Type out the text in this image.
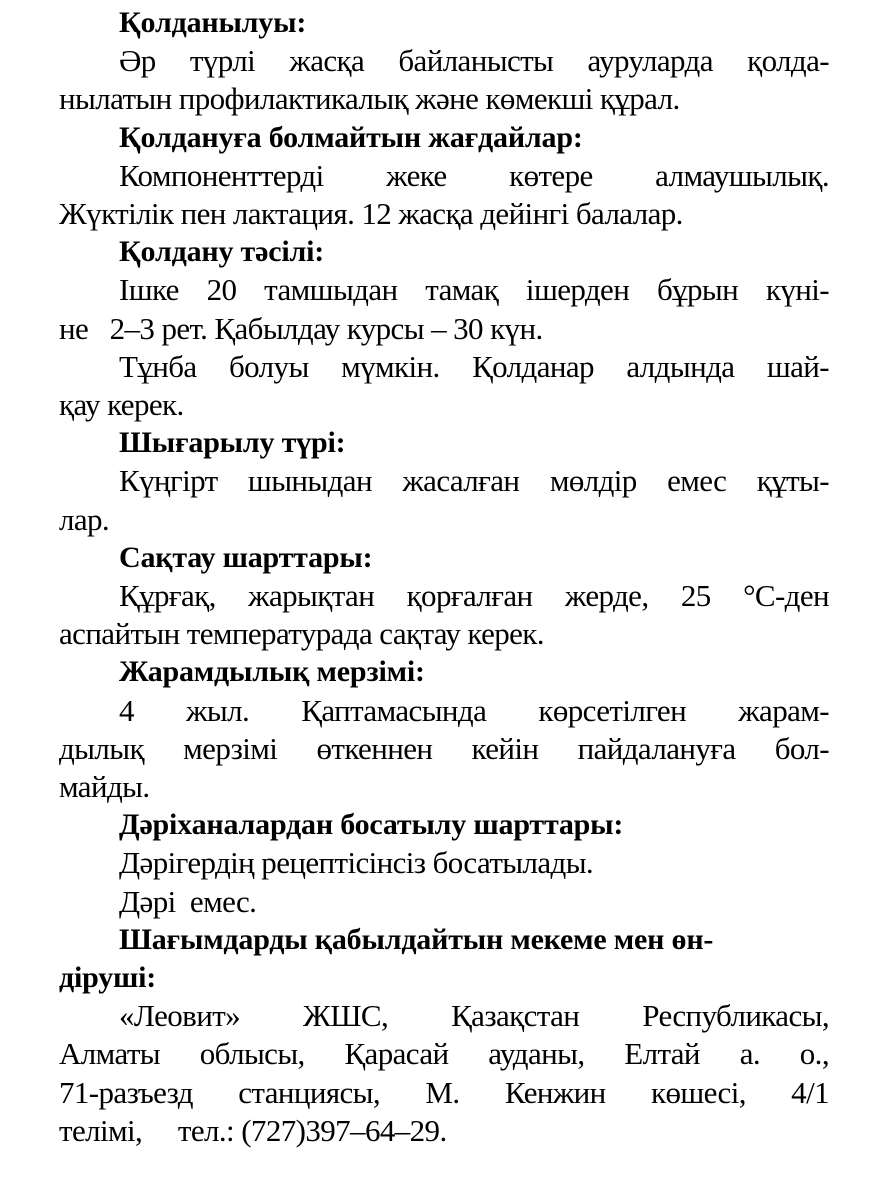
Қолданылуы:

Әр түрлі жасқа байланысты ауруларда қолда-
нылатын профилактикалық және көмекші құрал.

Қолдануға болмайтын жағдайлар:

Компоненттерді жеке көтере алмаушылық.
Жүктілік пен лактация. 12 жасқа дейінгі балалар.

Қолдану тәсілі:

Ішке 20 тамшыдан тамақ ішерден бұрын күні-
не   2–3 рет. Қабылдау курсы – 30 күн.
Тұнба болуы мүмкін. Қолданар алдында шай-
қау керек.

Шығарылу түрі:

Күңгірт шыныдан жасалған мөлдір емес құты-
лар.

Сақтау шарттары:

Құрғақ, жарықтан қорғалған жерде, 25 °С-ден
аспайтын температурада сақтау керек.

Жарамдылық мерзімі:

4 жыл. Қаптамасында көрсетілген жарам-
дылық мерзімі өткеннен кейін пайдалануға бол-
майды.

Дәріханалардан босатылу шарттары:

Дәрігердің рецептісінсіз босатылады.
Дәрі  емес.

Шағымдарды қабылдайтын мекеме мен өн-
діруші:

«Леовит» ЖШС, Қазақстан Республикасы,
Алматы облысы, Қарасай ауданы, Елтай а. о.,
71-разъезд станциясы, М. Кенжин көшесі, 4/1
телімі,     тел.: (727)397–64–29.
